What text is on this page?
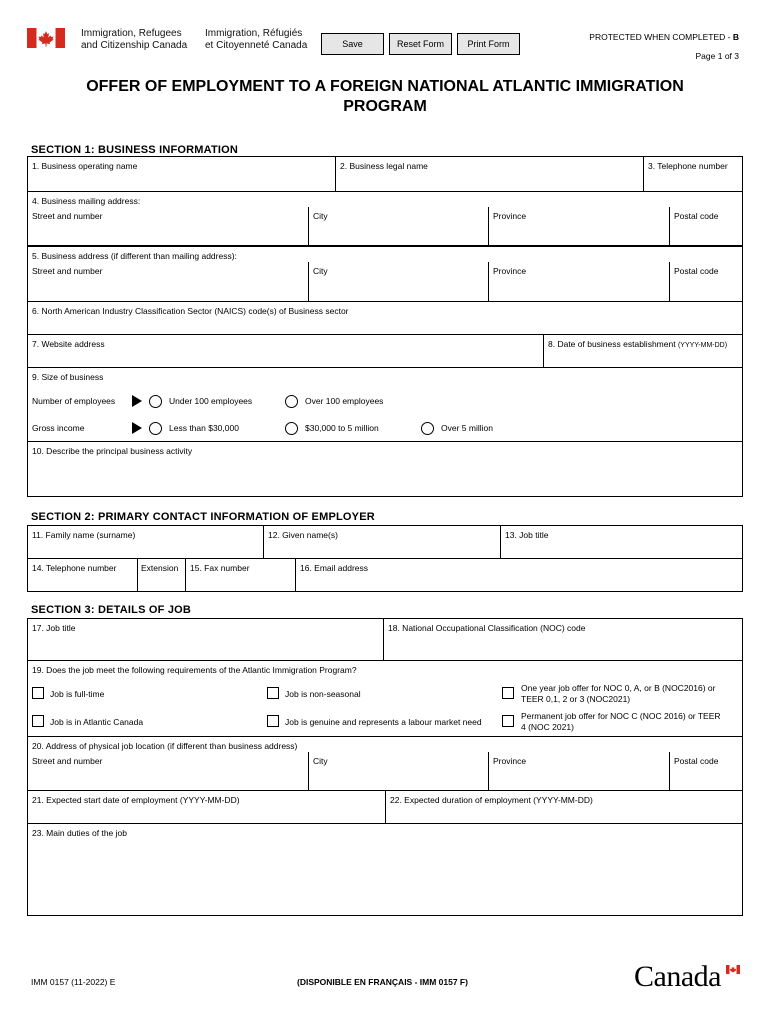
Immigration, Refugees
and Citizenship Canada
Immigration, Réfugiés
et Citoyenneté Canada	Save	Reset Form	Print Form
PROTECTED WHEN COMPLETED - B
Page 1 of 3
OFFER OF EMPLOYMENT TO A FOREIGN NATIONAL ATLANTIC IMMIGRATION
PROGRAM
SECTION 1: BUSINESS INFORMATION
1. Business operating name	2. Business legal name	3. Telephone number
4. Business mailing address:
Street and number	City	Province	Postal code
5. Business address (if different than mailing address):
Street and number	City	Province	Postal code
6. North American Industry Classification Sector (NAICS) code(s) of Business sector
7. Website address	8. Date of business establishment (YYYY-MM-DD)
9. Size of business
Number of employees	Under 100 employees	Over 100 employees
Gross income	Less than $30,000	$30,000 to 5 million	Over 5 million
10. Describe the principal business activity
SECTION 2: PRIMARY CONTACT INFORMATION OF EMPLOYER
11. Family name (surname)	12. Given name(s)	13. Job title
14. Telephone number	Extension 15. Fax number	16. Email address
SECTION 3: DETAILS OF JOB
17. Job title	18. National Occupational Classification (NOC) code
19. Does the job meet the following requirements of the Atlantic Immigration Program?
Job is full-time	Job is non-seasonal
One year job offer for NOC 0, A, or B (NOC2016) or
TEER 0,1, 2 or 3 (NOC2021)
Job is in Atlantic Canada	Job is genuine and represents a labour market need
Permanent job offer for NOC C (NOC 2016) or TEER
4 (NOC 2021)
20. Address of physical job location (if different than business address)
Street and number	City	Province	Postal code
21. Expected start date of employment (YYYY-MM-DD)	22. Expected duration of employment (YYYY-MM-DD)
23. Main duties of the job
IMM 0157 (11-2022) E	(DISPONIBLE EN FRANÇAIS - IMM 0157 F)	Canada
